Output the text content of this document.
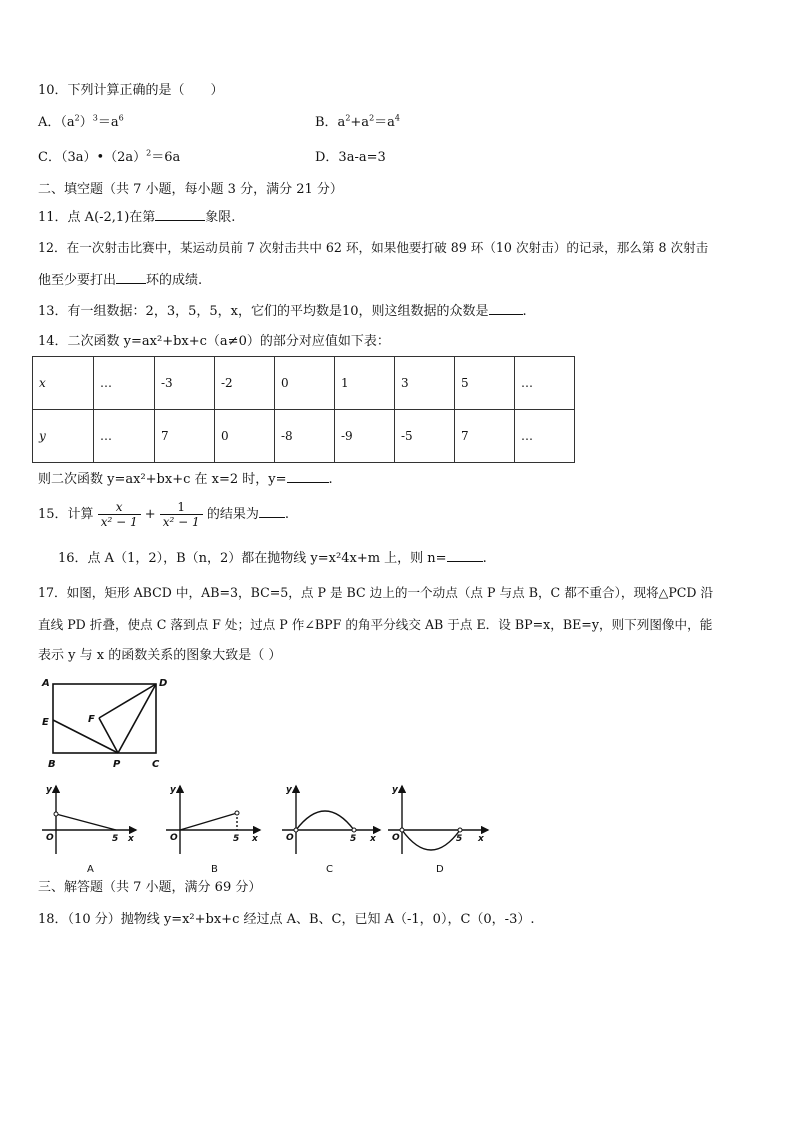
10．下列计算正确的是（　　）
A．$(a^2)^3=a^6$	B．$a^2+a^2=a^4$
C．$(3a)•(2a)^2=6a$	D．3a-a=3
二、填空题（共 7 小题，每小题 3 分，满分 21 分）
11．点 A(-2,1)在第	象限.
12．在一次射击比赛中，某运动员前 7 次射击共中 62 环，如果他要打破 89 环（10 次射击）的记录，那么第 8 次射击
他至少要打出 环的成绩.
13．有一组数据：2，3，5，5，x，它们的平均数是10，则这组数据的众数是	.
14．二次函数 y=ax²+bx+c（a≠0）的部分对应值如下表：
x	…	-3	-2	0	1	3	5	…
y	…	7	0	-8	-9	-5	7	…
则二次函数 y=ax²+bx+c 在 x=2 时，y=	.
15．计算 $\frac{x}{\text{x² − 1}} + \frac{1}{\text{x² − 1}}$ 的结果为 .
16．点 A（1，2），B（n，2）都在抛物线 y=x²4x+m 上，则 n=	.
17．如图，矩形 ABCD 中，AB=3，BC=5，点 P 是 BC 边上的一个动点（点 P 与点 B，C 都不重合），现将△PCD 沿
直线 PD 折叠，使点 C 落到点 F 处；过点 P 作∠BPF 的角平分线交 AB 于点 E．设 BP=x，BE=y，则下列图像中，能
表示 y 与 x 的函数关系的图象大致是（ ）
A	D
E	F
B	P	C
y
O	5 x
A
y
O	5 x
B
y
O	5 x
C
y
O	5 x
D
三、解答题（共 7 小题，满分 69 分）
18．（10 分）抛物线 y=x²+bx+c 经过点 A、B、C，已知 A（-1，0），C（0，-3）.
